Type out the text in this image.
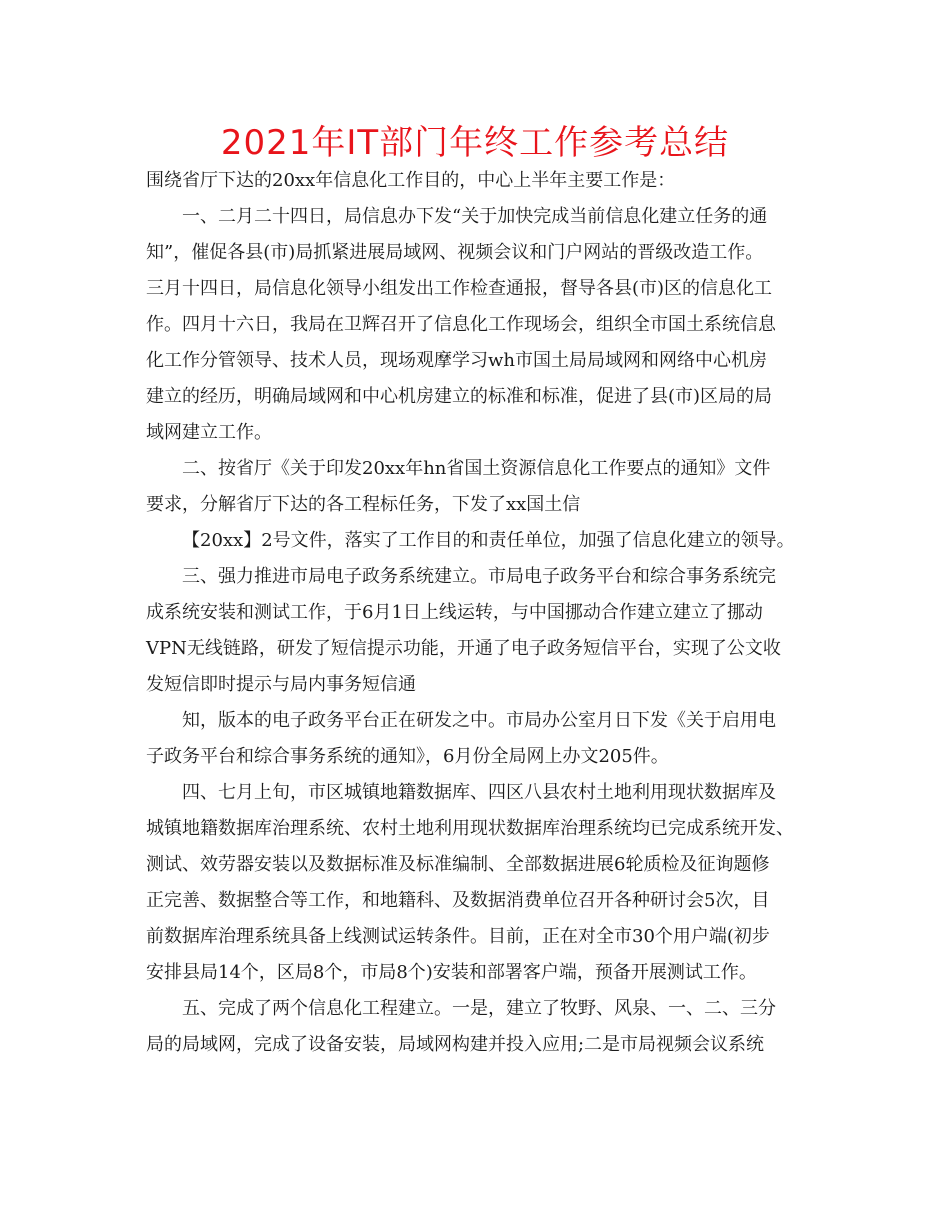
2021年IT部门年终工作参考总结
围绕省厅下达的20xx年信息化工作目的，中心上半年主要工作是：
一、二月二十四日，局信息办下发“关于加快完成当前信息化建立任务的通
知”，催促各县(市)局抓紧进展局域网、视频会议和门户网站的晋级改造工作。
三月十四日，局信息化领导小组发出工作检查通报，督导各县(市)区的信息化工
作。四月十六日，我局在卫辉召开了信息化工作现场会，组织全市国土系统信息
化工作分管领导、技术人员，现场观摩学习wh市国土局局域网和网络中心机房
建立的经历，明确局域网和中心机房建立的标准和标准，促进了县(市)区局的局
域网建立工作。
二、按省厅《关于印发20xx年hn省国土资源信息化工作要点的通知》文件
要求，分解省厅下达的各工程标任务，下发了xx国土信
【20xx】2号文件，落实了工作目的和责任单位，加强了信息化建立的领导。
三、强力推进市局电子政务系统建立。市局电子政务平台和综合事务系统完
成系统安装和测试工作，于6月1日上线运转，与中国挪动合作建立建立了挪动
VPN无线链路，研发了短信提示功能，开通了电子政务短信平台，实现了公文收
发短信即时提示与局内事务短信通
知，版本的电子政务平台正在研发之中。市局办公室月日下发《关于启用电
子政务平台和综合事务系统的通知》，6月份全局网上办文205件。
四、七月上旬，市区城镇地籍数据库、四区八县农村土地利用现状数据库及
城镇地籍数据库治理系统、农村土地利用现状数据库治理系统均已完成系统开发、
测试、效劳器安装以及数据标准及标准编制、全部数据进展6轮质检及征询题修
正完善、数据整合等工作，和地籍科、及数据消费单位召开各种研讨会5次，目
前数据库治理系统具备上线测试运转条件。目前，正在对全市30个用户端(初步
安排县局14个，区局8个，市局8个)安装和部署客户端，预备开展测试工作。
五、完成了两个信息化工程建立。一是，建立了牧野、风泉、一、二、三分
局的局域网，完成了设备安装，局域网构建并投入应用;二是市局视频会议系统
